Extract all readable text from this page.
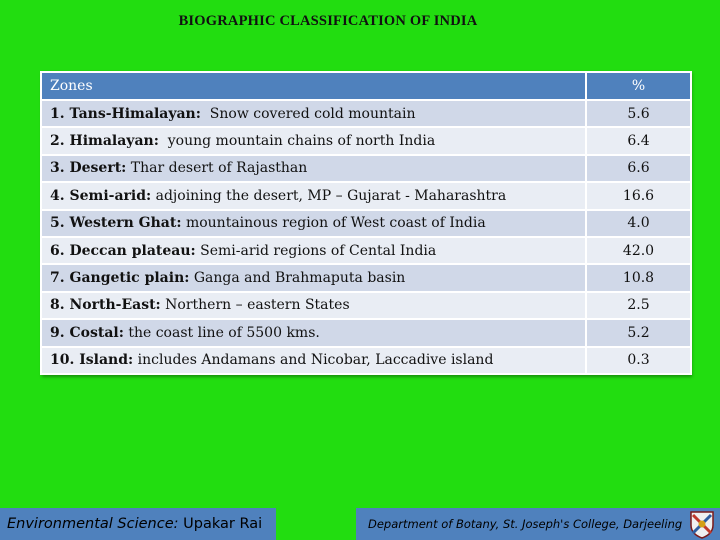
BIOGRAPHIC CLASSIFICATION OF INDIA
Zones	%
1. Tans-Himalayan:  Snow covered cold mountain	5.6
2. Himalayan:  young mountain chains of north India	6.4
3. Desert: Thar desert of Rajasthan	6.6
4. Semi-arid: adjoining the desert, MP – Gujarat - Maharashtra	16.6
5. Western Ghat: mountainous region of West coast of India	4.0
6. Deccan plateau: Semi-arid regions of Cental India	42.0
7. Gangetic plain: Ganga and Brahmaputa basin	10.8
8. North-East: Northern – eastern States	2.5
9. Costal: the coast line of 5500 kms.	5.2
10. Island: includes Andamans and Nicobar, Laccadive island	0.3
Environmental Science: Upakar Rai	Department of Botany, St. Joseph's College, Darjeeling
